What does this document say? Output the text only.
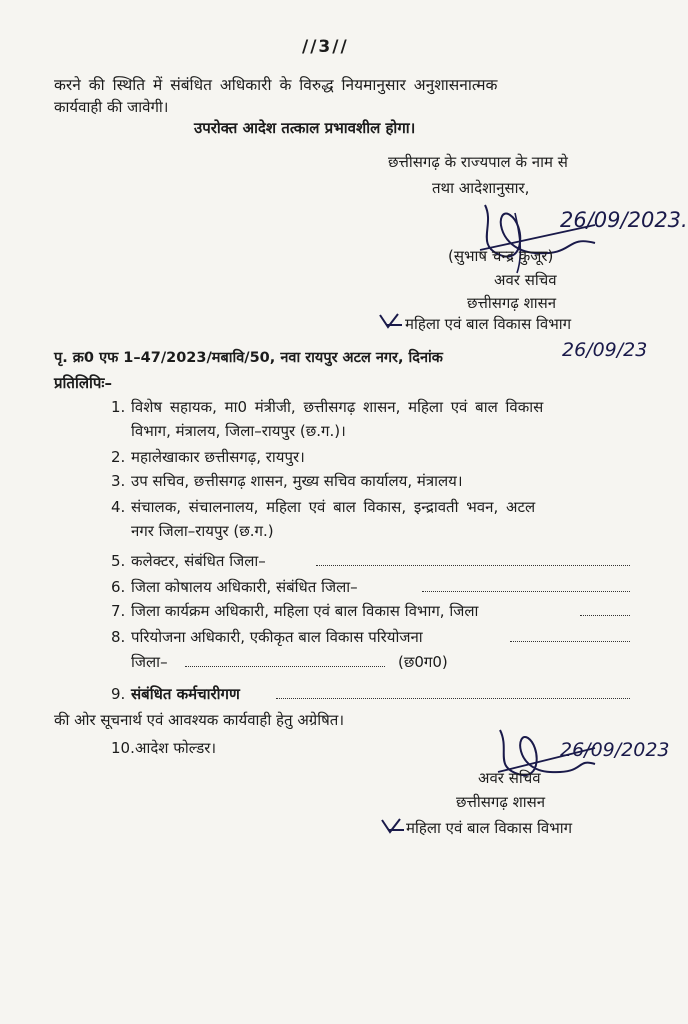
//3//
करने की स्थिति में संबंधित अधिकारी के विरुद्ध नियमानुसार अनुशासनात्मक
कार्यवाही की जावेगी।
उपरोक्त आदेश तत्काल प्रभावशील होगा।
छत्तीसगढ़ के राज्यपाल के नाम से
तथा आदेशानुसार,
26/09/2023.
(सुभाष चन्द्र कुजूर)
अवर सचिव
छत्तीसगढ़ शासन
महिला एवं बाल विकास विभाग
पृ. क्र0 एफ 1–47/2023/मबावि/50, नवा रायपुर अटल नगर, दिनांक	26/09/23
प्रतिलिपिः–
1. विशेष सहायक, मा0 मंत्रीजी, छत्तीसगढ़ शासन, महिला एवं बाल विकास
विभाग, मंत्रालय, जिला–रायपुर (छ.ग.)।
2. महालेखाकार छत्तीसगढ़, रायपुर।
3. उप सचिव, छत्तीसगढ़ शासन, मुख्य सचिव कार्यालय, मंत्रालय।
4. संचालक, संचालनालय, महिला एवं बाल विकास, इन्द्रावती भवन, अटल
नगर जिला–रायपुर (छ.ग.)
5. कलेक्टर, संबंधित जिला–
6. जिला कोषालय अधिकारी, संबंधित जिला–
7. जिला कार्यक्रम अधिकारी, महिला एवं बाल विकास विभाग, जिला
8. परियोजना अधिकारी, एकीकृत बाल विकास परियोजना
जिला–	(छ0ग0)
9. संबंधित कर्मचारीगण
की ओर सूचनार्थ एवं आवश्यक कार्यवाही हेतु अग्रेषित।
10. आदेश फोल्डर।	26/09/2023
अवर सचिव
छत्तीसगढ़ शासन
महिला एवं बाल विकास विभाग
